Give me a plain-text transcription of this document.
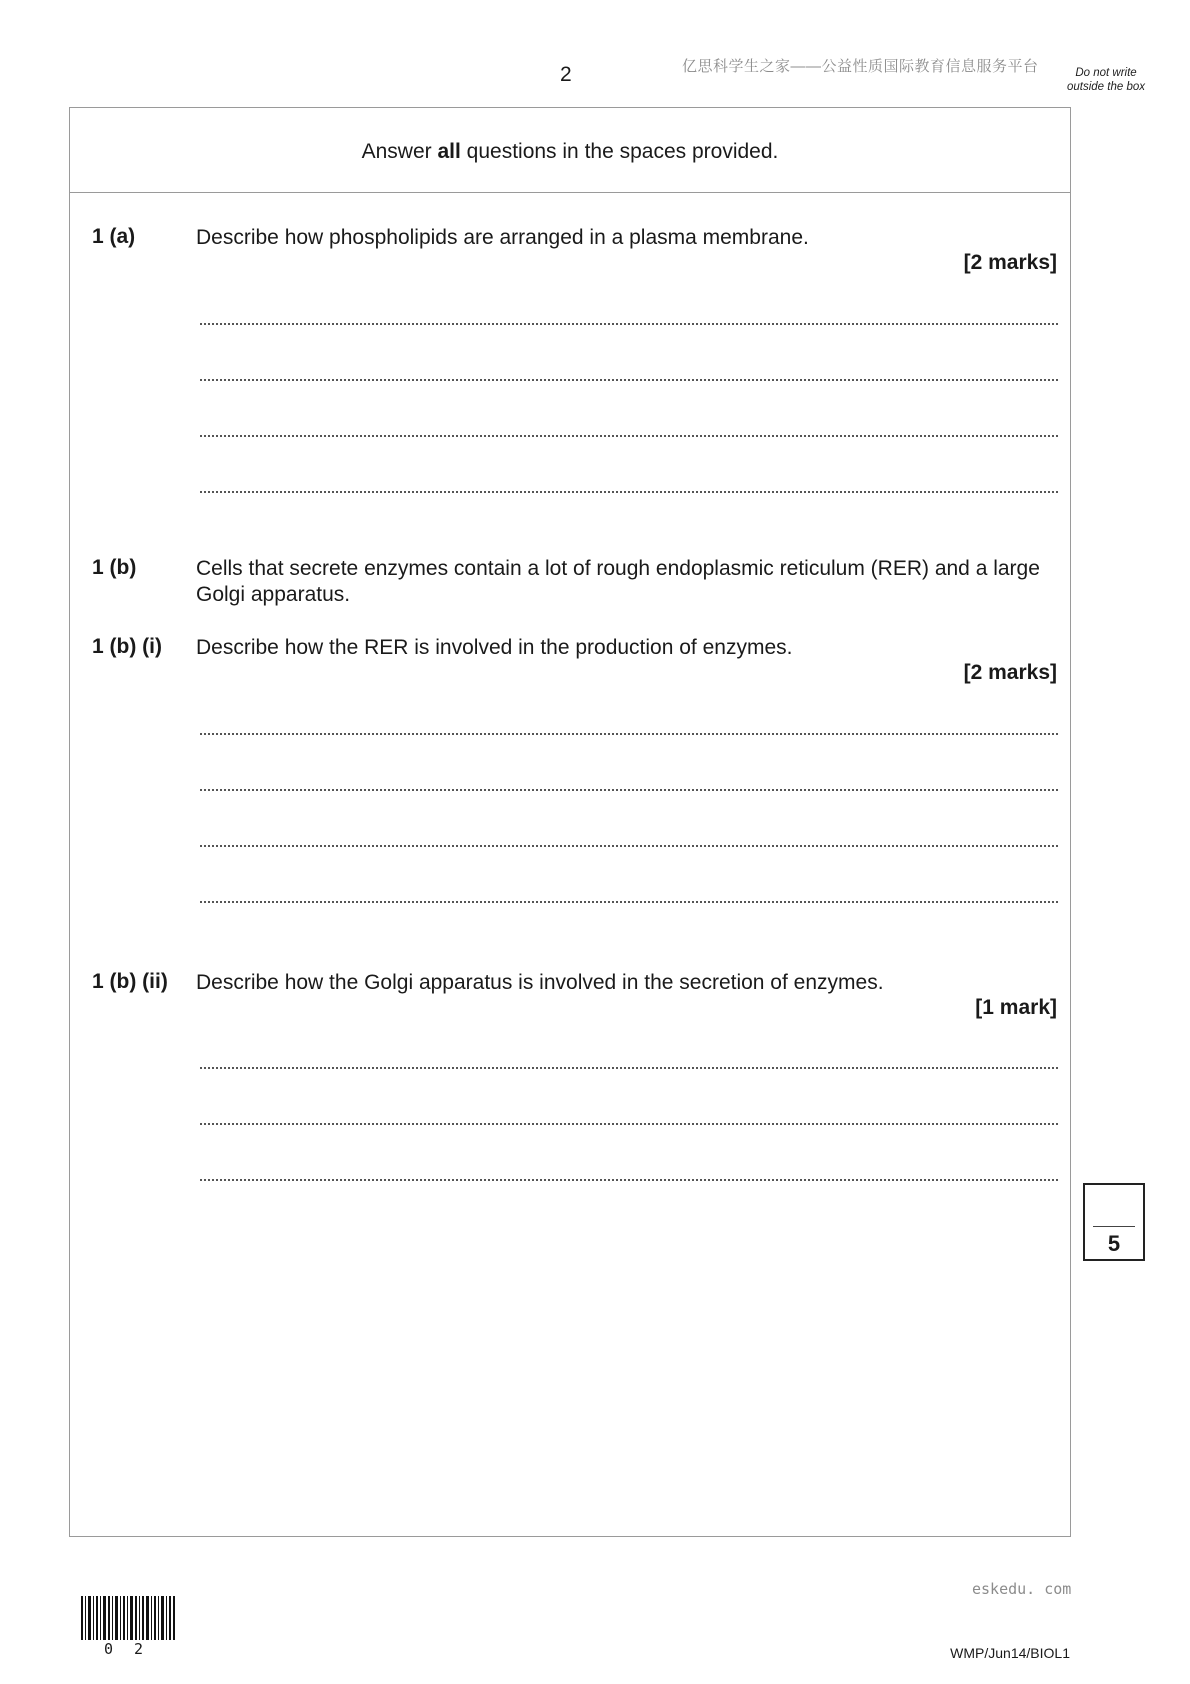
2	亿思科学生之家——公益性质国际教育信息服务平台	Do not write outside the box
Answer all questions in the spaces provided.
1 (a)	Describe how phospholipids are arranged in a plasma membrane.
[2 marks]
1 (b)	Cells that secrete enzymes contain a lot of rough endoplasmic reticulum (RER) and a large Golgi apparatus.
1 (b) (i) Describe how the RER is involved in the production of enzymes.
[2 marks]
1 (b) (ii) Describe how the Golgi apparatus is involved in the secretion of enzymes.
[1 mark]
5
eskedu. com
0 2	WMP/Jun14/BIOL1
